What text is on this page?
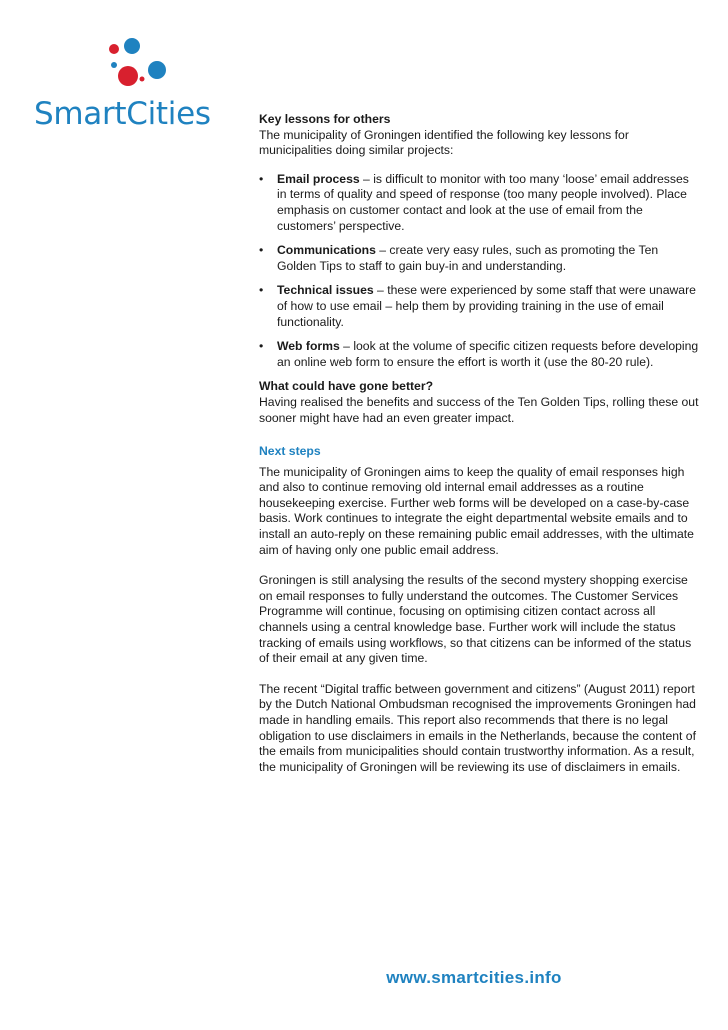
SmartCities	Key lessons for others

The municipality of Groningen identified the following key lessons for municipalities doing similar projects:

• Email process – is difficult to monitor with too many ‘loose’ email addresses in terms of quality and speed of response (too many people involved). Place emphasis on customer contact and look at the use of email from the customers’ perspective.
• Communications – create very easy rules, such as promoting the Ten Golden Tips to staff to gain buy-in and understanding.
• Technical issues – these were experienced by some staff that were unaware of how to use email – help them by providing training in the use of email functionality.
• Web forms – look at the volume of specific citizen requests before developing an online web form to ensure the effort is worth it (use the 80-20 rule).
What could have gone better?

Having realised the benefits and success of the Ten Golden Tips, rolling these out sooner might have had an even greater impact.

Next steps

The municipality of Groningen aims to keep the quality of email responses high and also to continue removing old internal email addresses as a routine housekeeping exercise. Further web forms will be developed on a case-by-case basis. Work continues to integrate the eight departmental website emails and to install an auto-reply on these remaining public email addresses, with the ultimate aim of having only one public email address.

Groningen is still analysing the results of the second mystery shopping exercise on email responses to fully understand the outcomes. The Customer Services Programme will continue, focusing on optimising citizen contact across all channels using a central knowledge base. Further work will include the status tracking of emails using workflows, so that citizens can be informed of the status of their email at any given time.

The recent “Digital traffic between government and citizens” (August 2011) report by the Dutch National Ombudsman recognised the improvements Groningen had made in handling emails. This report also recommends that there is no legal obligation to use disclaimers in emails in the Netherlands, because the content of the emails from municipalities should contain trustworthy information. As a result, the municipality of Groningen will be reviewing its use of disclaimers in emails.

www.smartcities.info
